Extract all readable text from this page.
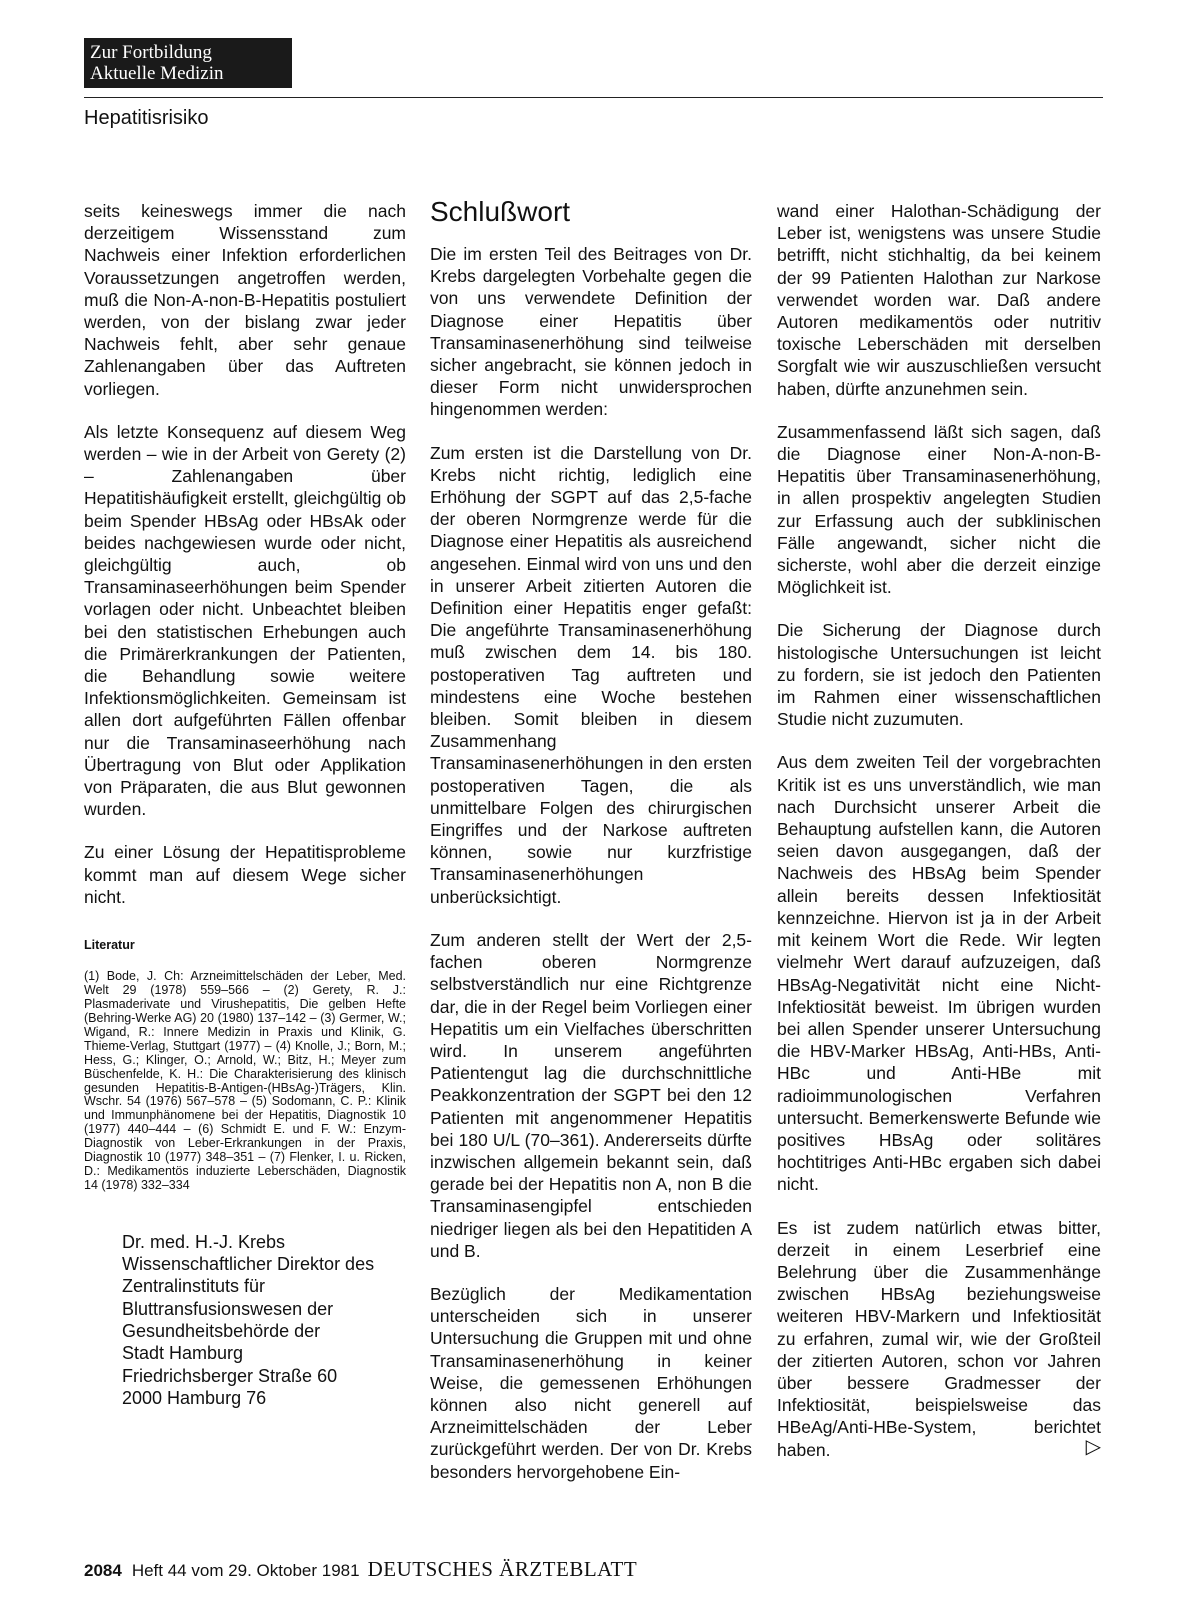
Zur Fortbildung
Aktuelle Medizin
Hepatitisrisiko

seits keineswegs immer die nach derzeitigem Wissensstand zum Nachweis einer Infektion erforderlichen Voraussetzungen angetroffen werden, muß die Non-A-non-B-Hepatitis postuliert werden, von der bislang zwar jeder Nachweis fehlt, aber sehr genaue Zahlenangaben über das Auftreten vorliegen.

Als letzte Konsequenz auf diesem Weg werden – wie in der Arbeit von Gerety (2) – Zahlenangaben über Hepatitishäufigkeit erstellt, gleichgültig ob beim Spender HBsAg oder HBsAk oder beides nachgewiesen wurde oder nicht, gleichgültig auch, ob Transaminaseerhöhungen beim Spender vorlagen oder nicht. Unbeachtet bleiben bei den statistischen Erhebungen auch die Primärerkrankungen der Patienten, die Behandlung sowie weitere Infektionsmöglichkeiten. Gemeinsam ist allen dort aufgeführten Fällen offenbar nur die Transaminaseerhöhung nach Übertragung von Blut oder Applikation von Präparaten, die aus Blut gewonnen wurden.

Zu einer Lösung der Hepatitisprobleme kommt man auf diesem Wege sicher nicht.

Literatur

(1) Bode, J. Ch: Arzneimittelschäden der Leber, Med. Welt 29 (1978) 559–566 – (2) Gerety, R. J.: Plasmaderivate und Virushepatitis, Die gelben Hefte (Behring-Werke AG) 20 (1980) 137–142 – (3) Germer, W.; Wigand, R.: Innere Medizin in Praxis und Klinik, G. Thieme-Verlag, Stuttgart (1977) – (4) Knolle, J.; Born, M.; Hess, G.; Klinger, O.; Arnold, W.; Bitz, H.; Meyer zum Büschenfelde, K. H.: Die Charakterisierung des klinisch gesunden Hepatitis-B-Antigen-(HBsAg-)Trägers, Klin. Wschr. 54 (1976) 567–578 – (5) Sodomann, C. P.: Klinik und Immunphänomene bei der Hepatitis, Diagnostik 10 (1977) 440–444 – (6) Schmidt E. und F. W.: Enzym-Diagnostik von Leber-Erkrankungen in der Praxis, Diagnostik 10 (1977) 348–351 – (7) Flenker, I. u. Ricken, D.: Medikamentös induzierte Leberschäden, Diagnostik 14 (1978) 332–334

Dr. med. H.-J. Krebs
Wissenschaftlicher Direktor des
Zentralinstituts für
Bluttransfusionswesen der
Gesundheitsbehörde der
Stadt Hamburg
Friedrichsberger Straße 60
2000 Hamburg 76
Schlußwort

Die im ersten Teil des Beitrages von Dr. Krebs dargelegten Vorbehalte gegen die von uns verwendete Definition der Diagnose einer Hepatitis über Transaminasenerhöhung sind teilweise sicher angebracht, sie können jedoch in dieser Form nicht unwidersprochen hingenommen werden:

Zum ersten ist die Darstellung von Dr. Krebs nicht richtig, lediglich eine Erhöhung der SGPT auf das 2,5-fache der oberen Normgrenze werde für die Diagnose einer Hepatitis als ausreichend angesehen. Einmal wird von uns und den in unserer Arbeit zitierten Autoren die Definition einer Hepatitis enger gefaßt: Die angeführte Transaminasenerhöhung muß zwischen dem 14. bis 180. postoperativen Tag auftreten und mindestens eine Woche bestehen bleiben. Somit bleiben in diesem Zusammenhang Transaminasenerhöhungen in den ersten postoperativen Tagen, die als unmittelbare Folgen des chirurgischen Eingriffes und der Narkose auftreten können, sowie nur kurzfristige Transaminasenerhöhungen unberücksichtigt.

Zum anderen stellt der Wert der 2,5-fachen oberen Normgrenze selbstverständlich nur eine Richtgrenze dar, die in der Regel beim Vorliegen einer Hepatitis um ein Vielfaches überschritten wird. In unserem angeführten Patientengut lag die durchschnittliche Peakkonzentration der SGPT bei den 12 Patienten mit angenommener Hepatitis bei 180 U/L (70–361). Andererseits dürfte inzwischen allgemein bekannt sein, daß gerade bei der Hepatitis non A, non B die Transaminasengipfel entschieden niedriger liegen als bei den Hepatitiden A und B.

Bezüglich der Medikamentation unterscheiden sich in unserer Untersuchung die Gruppen mit und ohne Transaminasenerhöhung in keiner Weise, die gemessenen Erhöhungen können also nicht generell auf Arzneimittelschäden der Leber zurückgeführt werden. Der von Dr. Krebs besonders hervorgehobene Ein-

wand einer Halothan-Schädigung der Leber ist, wenigstens was unsere Studie betrifft, nicht stichhaltig, da bei keinem der 99 Patienten Halothan zur Narkose verwendet worden war. Daß andere Autoren medikamentös oder nutritiv toxische Leberschäden mit derselben Sorgfalt wie wir auszuschließen versucht haben, dürfte anzunehmen sein.

Zusammenfassend läßt sich sagen, daß die Diagnose einer Non-A-non-B-Hepatitis über Transaminasenerhöhung, in allen prospektiv angelegten Studien zur Erfassung auch der subklinischen Fälle angewandt, sicher nicht die sicherste, wohl aber die derzeit einzige Möglichkeit ist.

Die Sicherung der Diagnose durch histologische Untersuchungen ist leicht zu fordern, sie ist jedoch den Patienten im Rahmen einer wissenschaftlichen Studie nicht zuzumuten.

Aus dem zweiten Teil der vorgebrachten Kritik ist es uns unverständlich, wie man nach Durchsicht unserer Arbeit die Behauptung aufstellen kann, die Autoren seien davon ausgegangen, daß der Nachweis des HBsAg beim Spender allein bereits dessen Infektiosität kennzeichne. Hiervon ist ja in der Arbeit mit keinem Wort die Rede. Wir legten vielmehr Wert darauf aufzuzeigen, daß HBsAg-Negativität nicht eine Nicht-Infektiosität beweist. Im übrigen wurden bei allen Spender unserer Untersuchung die HBV-Marker HBsAg, Anti-HBs, Anti-HBc und Anti-HBe mit radioimmunologischen Verfahren untersucht. Bemerkenswerte Befunde wie positives HBsAg oder solitäres hochtitriges Anti-HBc ergaben sich dabei nicht.

Es ist zudem natürlich etwas bitter, derzeit in einem Leserbrief eine Belehrung über die Zusammenhänge zwischen HBsAg beziehungsweise weiteren HBV-Markern und Infektiosität zu erfahren, zumal wir, wie der Großteil der zitierten Autoren, schon vor Jahren über bessere Gradmesser der Infektiosität, beispielsweise das HBeAg/Anti-HBe-System, berichtet haben.	▷

2084 Heft 44 vom 29. Oktober 1981 DEUTSCHES ÄRZTEBLATT
